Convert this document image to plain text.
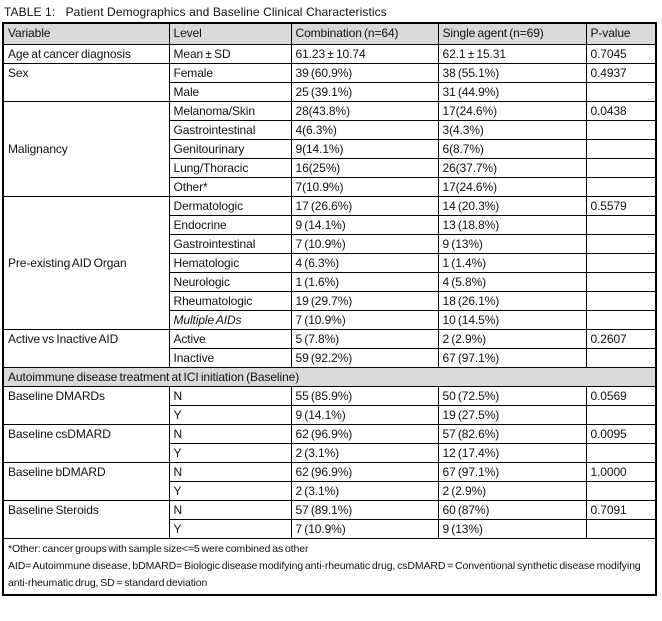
TABLE 1:   Patient Demographics and Baseline Clinical Characteristics
Variable	Level	Combination (n=64)	Single agent (n=69)	P-value
Age at cancer diagnosis	Mean ± SD	61.23 ± 10.74	62.1 ± 15.31	0.7045
Sex	Female	39 (60.9%)	38 (55.1%)	0.4937
	Male	25 (39.1%)	31 (44.9%)	
Malignancy	Melanoma/Skin	28(43.8%)	17(24.6%)	0.0438
	Gastrointestinal	4(6.3%)	3(4.3%)	
	Genitourinary	9(14.1%)	6(8.7%)	
	Lung/Thoracic	16(25%)	26(37.7%)	
	Other*	7(10.9%)	17(24.6%)	
Pre-existing AID Organ	Dermatologic	17 (26.6%)	14 (20.3%)	0.5579
	Endocrine	9 (14.1%)	13 (18.8%)	
	Gastrointestinal	7 (10.9%)	9 (13%)	
	Hematologic	4 (6.3%)	1 (1.4%)	
	Neurologic	1 (1.6%)	4 (5.8%)	
	Rheumatologic	19 (29.7%)	18 (26.1%)	
	Multiple AIDs	7 (10.9%)	10 (14.5%)	
Active vs Inactive AID	Active	5 (7.8%)	2 (2.9%)	0.2607
	Inactive	59 (92.2%)	67 (97.1%)	
Autoimmune disease treatment at ICI initiation (Baseline)				
Baseline DMARDs	N	55 (85.9%)	50 (72.5%)	0.0569
	Y	9 (14.1%)	19 (27.5%)	
Baseline csDMARD	N	62 (96.9%)	57 (82.6%)	0.0095
	Y	2 (3.1%)	12 (17.4%)	
Baseline bDMARD	N	62 (96.9%)	67 (97.1%)	1.0000
	Y	2 (3.1%)	2 (2.9%)	
Baseline Steroids	N	57 (89.1%)	60 (87%)	0.7091
	Y	7 (10.9%)	9 (13%)	

*Other: cancer groups with sample size<=5 were combined as other
AID= Autoimmune disease, bDMARD= Biologic disease modifying anti-rheumatic drug, csDMARD = Conventional synthetic disease modifying anti-rheumatic drug, SD = standard deviation				
